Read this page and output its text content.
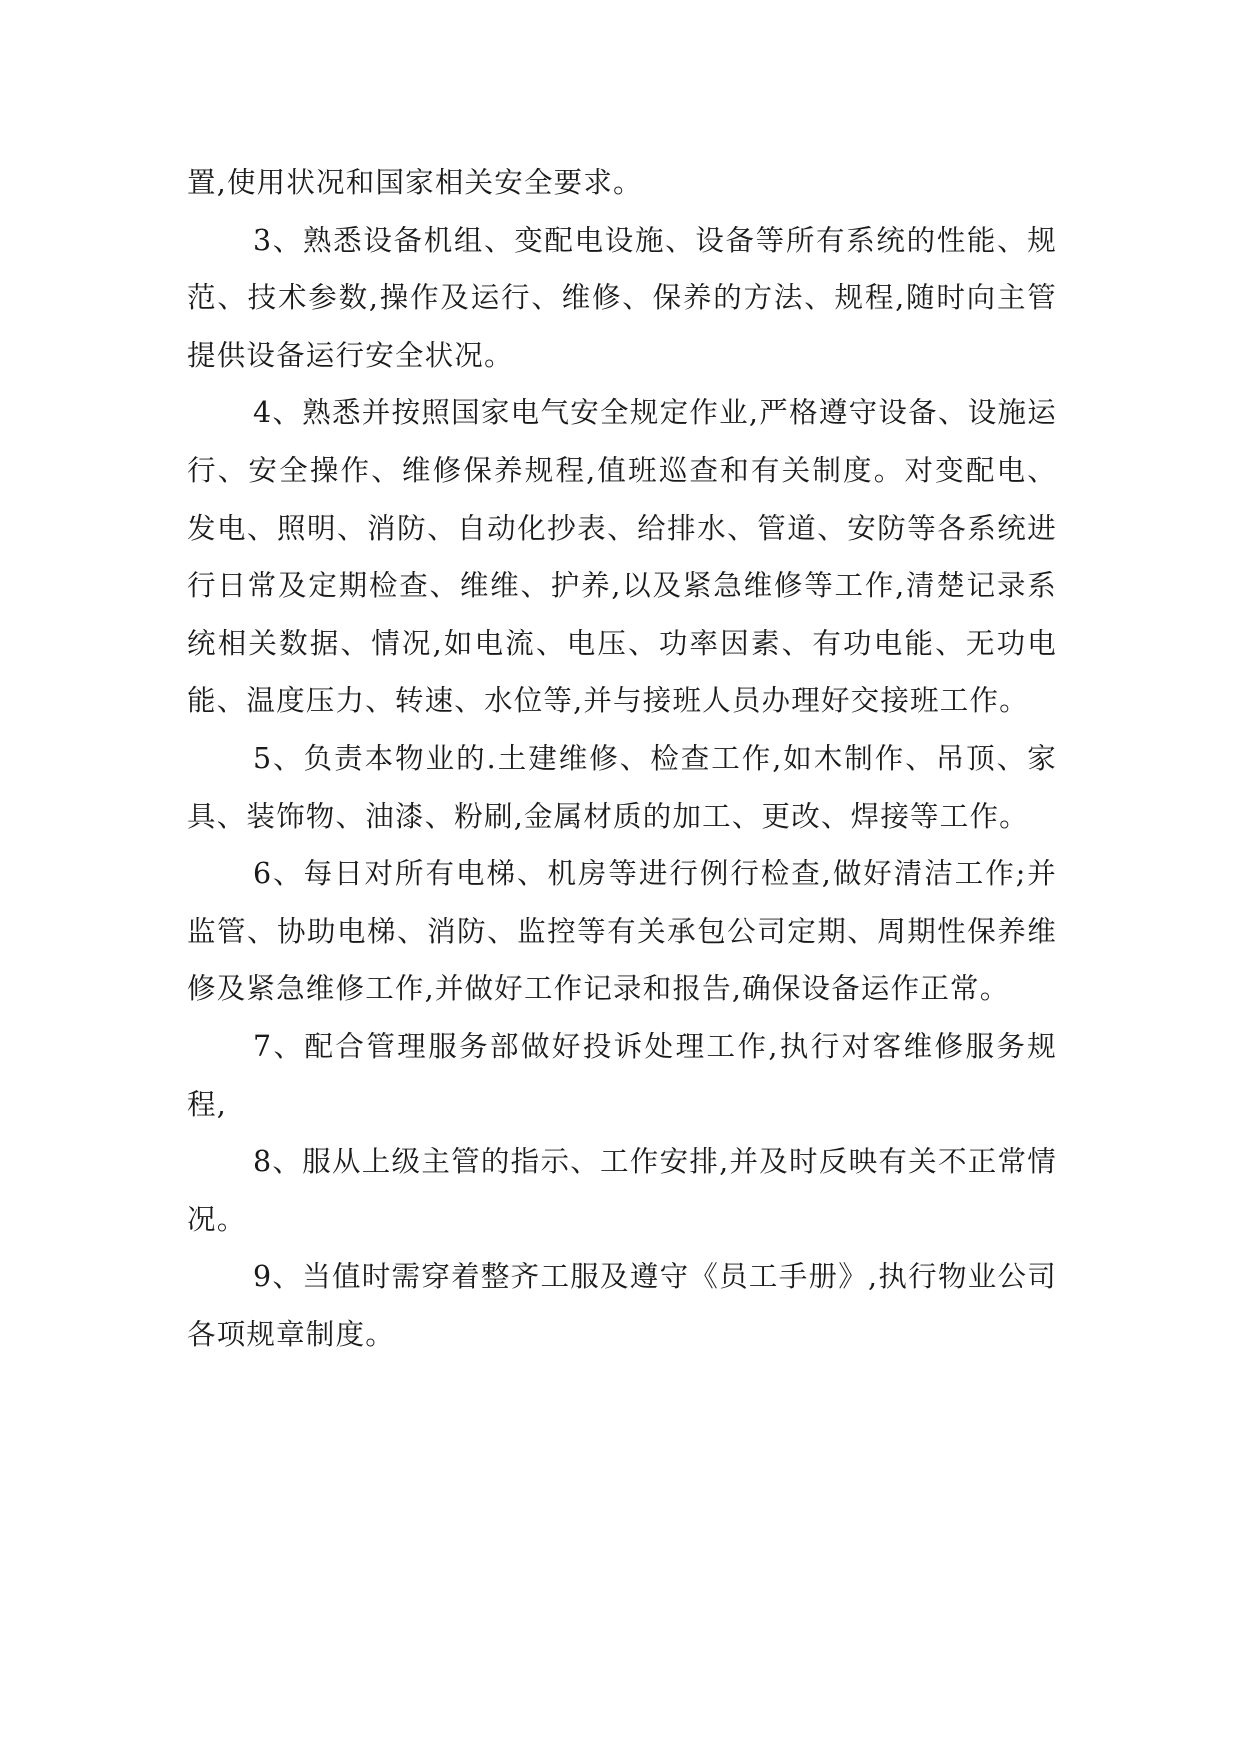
置,使用状况和国家相关安全要求。

3、熟悉设备机组、变配电设施、设备等所有系统的性能、规范、技术参数,操作及运行、维修、保养的方法、规程,随时向主管提供设备运行安全状况。

4、熟悉并按照国家电气安全规定作业,严格遵守设备、设施运行、安全操作、维修保养规程,值班巡查和有关制度。对变配电、发电、照明、消防、自动化抄表、给排水、管道、安防等各系统进行日常及定期检查、维维、护养,以及紧急维修等工作,清楚记录系统相关数据、情况,如电流、电压、功率因素、有功电能、无功电能、温度压力、转速、水位等,并与接班人员办理好交接班工作。

5、负责本物业的.土建维修、检查工作,如木制作、吊顶、家具、装饰物、油漆、粉刷,金属材质的加工、更改、焊接等工作。

6、每日对所有电梯、机房等进行例行检查,做好清洁工作;并监管、协助电梯、消防、监控等有关承包公司定期、周期性保养维修及紧急维修工作,并做好工作记录和报告,确保设备运作正常。

7、配合管理服务部做好投诉处理工作,执行对客维修服务规程,

8、服从上级主管的指示、工作安排,并及时反映有关不正常情况。

9、当值时需穿着整齐工服及遵守《员工手册》,执行物业公司各项规章制度。
